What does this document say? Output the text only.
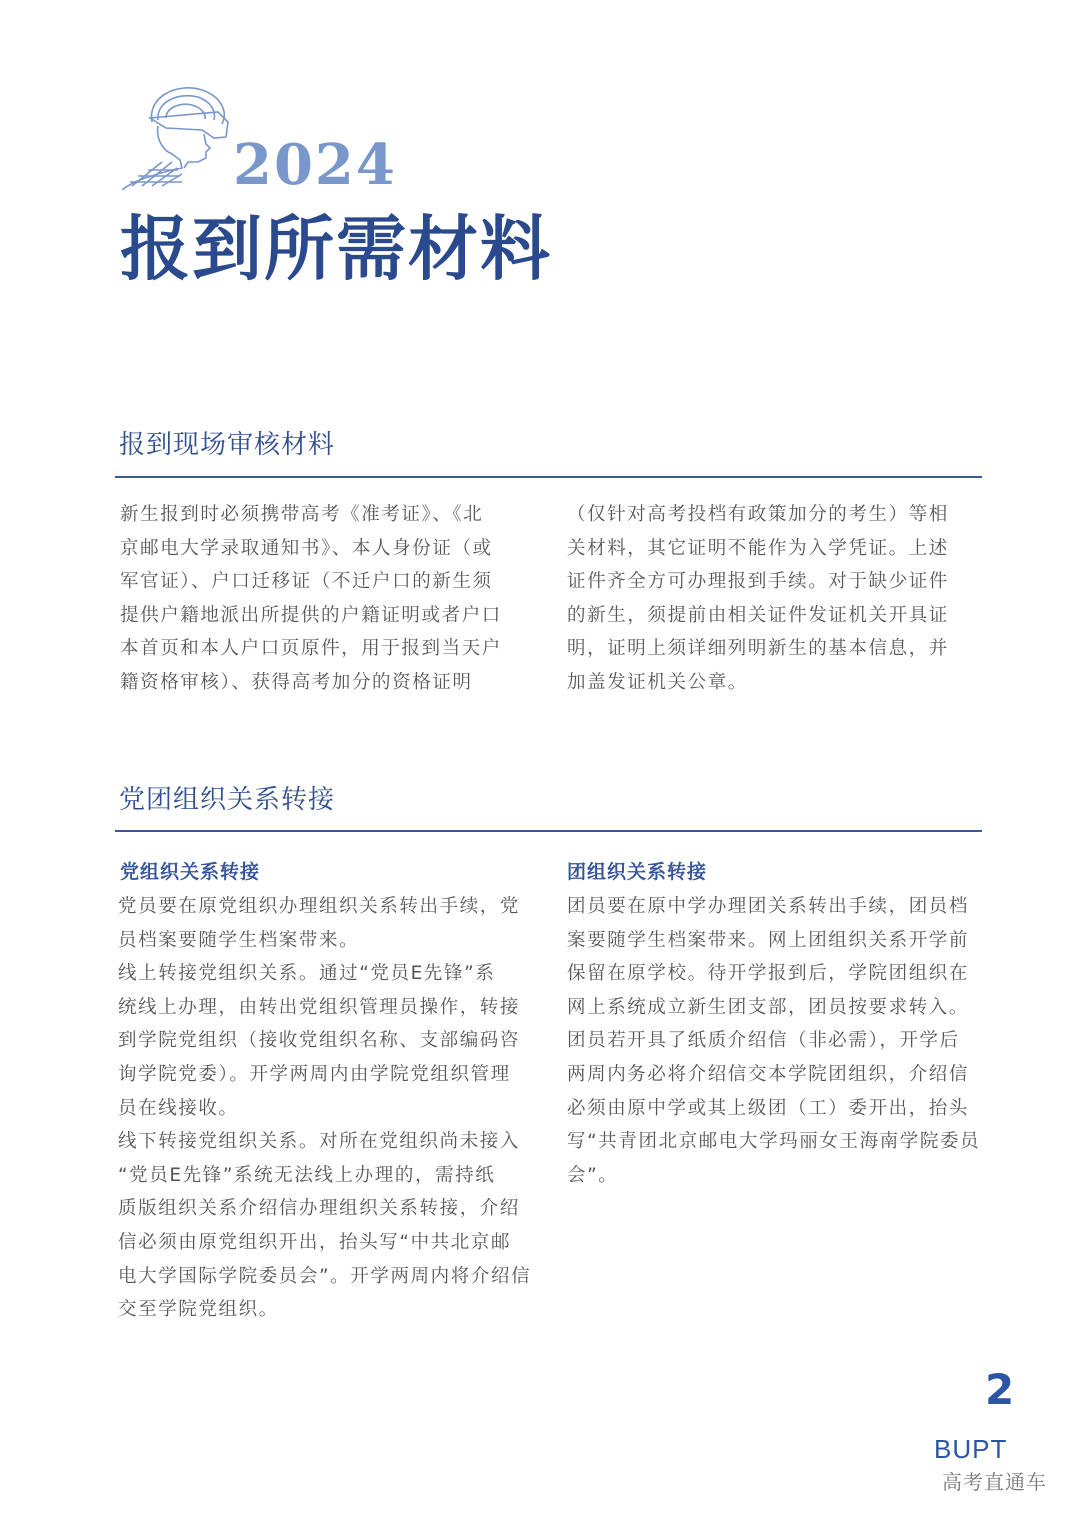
2024
报到所需材料
报到现场审核材料
新生报到时必须携带高考《准考证》、《北
京邮电大学录取通知书》、本人身份证（或
军官证）、户口迁移证（不迁户口的新生须
提供户籍地派出所提供的户籍证明或者户口
本首页和本人户口页原件，用于报到当天户
籍资格审核）、获得高考加分的资格证明
（仅针对高考投档有政策加分的考生）等相
关材料，其它证明不能作为入学凭证。上述
证件齐全方可办理报到手续。对于缺少证件
的新生，须提前由相关证件发证机关开具证
明，证明上须详细列明新生的基本信息，并
加盖发证机关公章。
党团组织关系转接
党组织关系转接
党员要在原党组织办理组织关系转出手续，党
员档案要随学生档案带来。
线上转接党组织关系。通过“党员E先锋”系
统线上办理，由转出党组织管理员操作，转接
到学院党组织（接收党组织名称、支部编码咨
询学院党委）。开学两周内由学院党组织管理
员在线接收。
线下转接党组织关系。对所在党组织尚未接入
“党员E先锋”系统无法线上办理的，需持纸
质版组织关系介绍信办理组织关系转接，介绍
信必须由原党组织开出，抬头写“中共北京邮
电大学国际学院委员会”。开学两周内将介绍信
交至学院党组织。
团组织关系转接
团员要在原中学办理团关系转出手续，团员档
案要随学生档案带来。网上团组织关系开学前
保留在原学校。待开学报到后，学院团组织在
网上系统成立新生团支部，团员按要求转入。
团员若开具了纸质介绍信（非必需），开学后
两周内务必将介绍信交本学院团组织，介绍信
必须由原中学或其上级团（工）委开出，抬头
写“共青团北京邮电大学玛丽女王海南学院委员
会”。
2
BUPT
高考直通车
